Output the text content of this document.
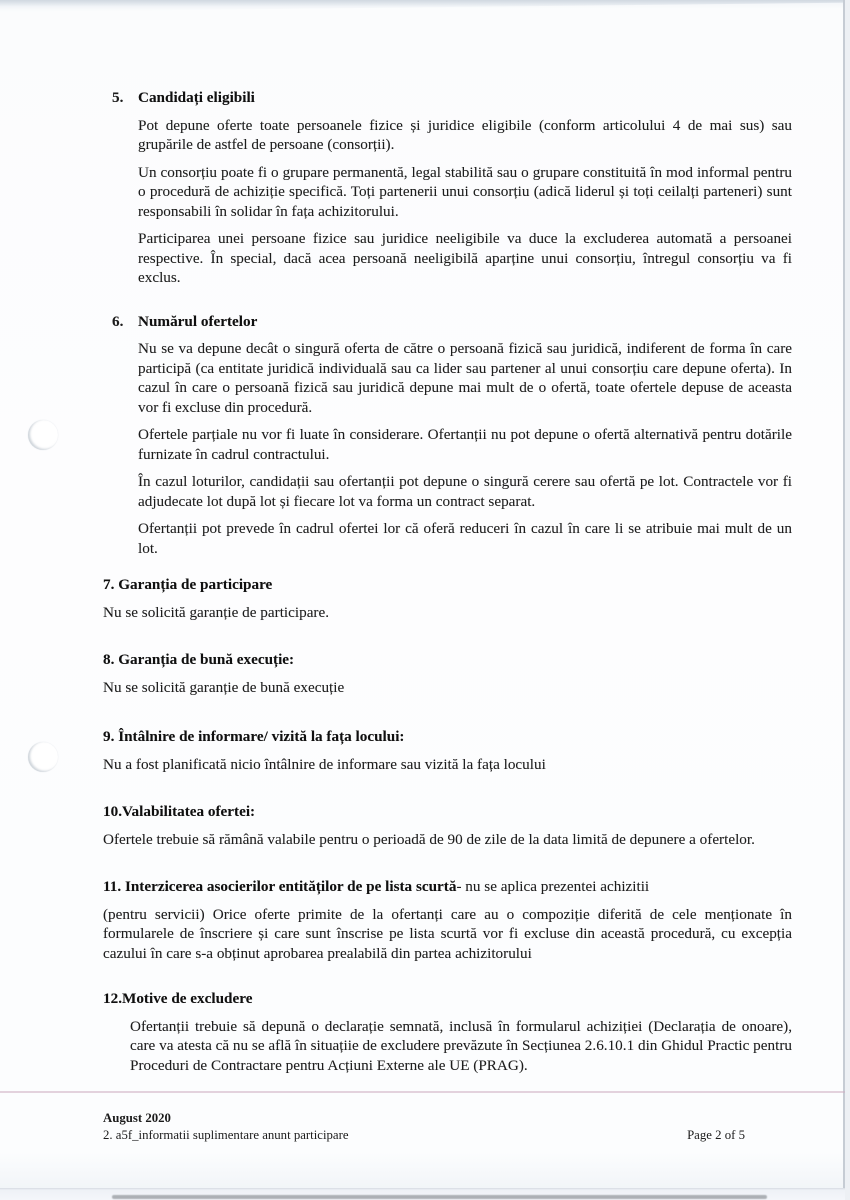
5. Candidați eligibili

Pot depune oferte toate persoanele fizice și juridice eligibile (conform articolului 4 de mai sus) sau grupările de astfel de persoane (consorții).

Un consorțiu poate fi o grupare permanentă, legal stabilită sau o grupare constituită în mod informal pentru o procedură de achiziție specifică. Toți partenerii unui consorțiu (adică liderul și toți ceilalți parteneri) sunt responsabili în solidar în fața achizitorului.

Participarea unei persoane fizice sau juridice neeligibile va duce la excluderea automată a persoanei respective. În special, dacă acea persoană neeligibilă aparține unui consorțiu, întregul consorțiu va fi exclus.

6. Numărul ofertelor

Nu se va depune decât o singură oferta de către o persoană fizică sau juridică, indiferent de forma în care participă (ca entitate juridică individuală sau ca lider sau partener al unui consorțiu care depune oferta). In cazul în care o persoană fizică sau juridică depune mai mult de o ofertă, toate ofertele depuse de aceasta vor fi excluse din procedură.

Ofertele parțiale nu vor fi luate în considerare. Ofertanții nu pot depune o ofertă alternativă pentru dotările furnizate în cadrul contractului.

În cazul loturilor, candidații sau ofertanții pot depune o singură cerere sau ofertă pe lot. Contractele vor fi adjudecate lot după lot și fiecare lot va forma un contract separat.

Ofertanții pot prevede în cadrul ofertei lor că oferă reduceri în cazul în care li se atribuie mai mult de un lot.

7. Garanția de participare

Nu se solicită garanție de participare.

8. Garanția de bună execuție:

Nu se solicită garanție de bună execuție

9. Întâlnire de informare/ vizită la fața locului:

Nu a fost planificată nicio întâlnire de informare sau vizită la fața locului

10.Valabilitatea ofertei:

Ofertele trebuie să rămână valabile pentru o perioadă de 90 de zile de la data limită de depunere a ofertelor.

11. Interzicerea asocierilor entităților de pe lista scurtă- nu se aplica prezentei achizitii

(pentru servicii) Orice oferte primite de la ofertanți care au o compoziție diferită de cele menționate în formularele de înscriere și care sunt înscrise pe lista scurtă vor fi excluse din această procedură, cu excepția cazului în care s-a obținut aprobarea prealabilă din partea achizitorului

12.Motive de excludere

Ofertanții trebuie să depună o declarație semnată, inclusă în formularul achiziției (Declarația de onoare), care va atesta că nu se află în situațiie de excludere prevăzute în Secțiunea 2.6.10.1 din Ghidul Practic pentru Proceduri de Contractare pentru Acțiuni Externe ale UE (PRAG).

August 2020
2. a5f_informatii suplimentare anunt participare	Page 2 of 5
